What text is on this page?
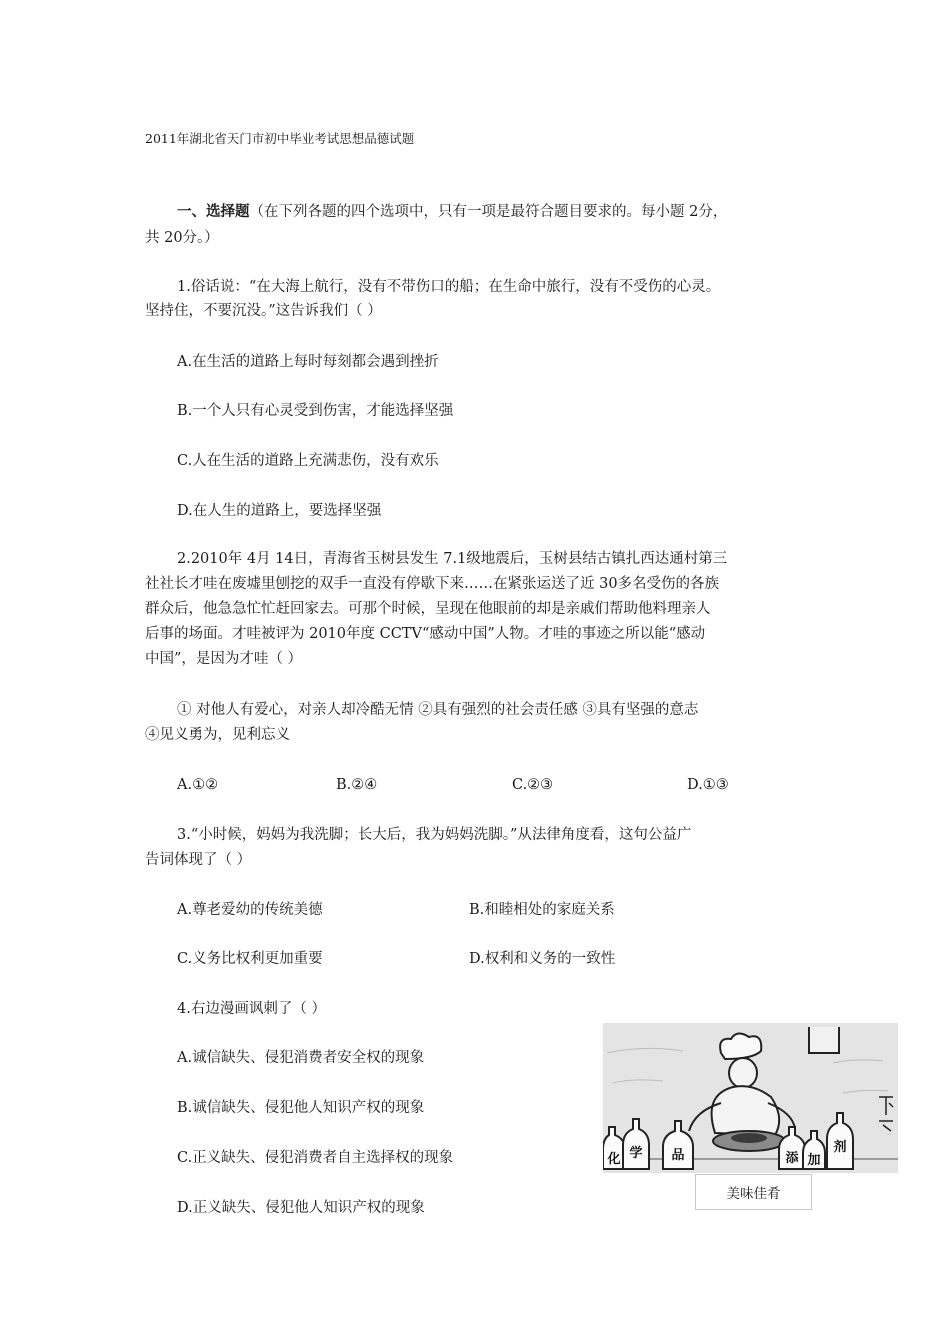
2011年湖北省天门市初中毕业考试思想品德试题
一、选择题（在下列各题的四个选项中，只有一项是最符合题目要求的。每小题 2分，
共 20分。）
1.俗话说：“在大海上航行，没有不带伤口的船；在生命中旅行，没有不受伤的心灵。
坚持住，不要沉没。”这告诉我们（ ）
A.在生活的道路上每时每刻都会遇到挫折
B.一个人只有心灵受到伤害，才能选择坚强
C.人在生活的道路上充满悲伤，没有欢乐
D.在人生的道路上，要选择坚强
2.2010年 4月 14日，青海省玉树县发生 7.1级地震后，玉树县结古镇扎西达通村第三
社社长才哇在废墟里刨挖的双手一直没有停歇下来……在紧张运送了近 30多名受伤的各族
群众后，他急急忙忙赶回家去。可那个时候，呈现在他眼前的却是亲戚们帮助他料理亲人
后事的场面。才哇被评为 2010年度 CCTV“感动中国”人物。才哇的事迹之所以能“感动
中国”，是因为才哇（ ）
① 对他人有爱心，对亲人却冷酷无情 ②具有强烈的社会责任感 ③具有坚强的意志
④见义勇为，见利忘义
A.①②	B.②④	C.②③	D.①③
3.“小时候，妈妈为我洗脚；长大后，我为妈妈洗脚。”从法律角度看，这句公益广
告词体现了（ ）
A.尊老爱幼的传统美德	B.和睦相处的家庭关系
C.义务比权利更加重要	D.权利和义务的一致性
4.右边漫画讽刺了（ ）
A.诚信缺失、侵犯消费者安全权的现象
B.诚信缺失、侵犯他人知识产权的现象
C.正义缺失、侵犯消费者自主选择权的现象
D.正义缺失、侵犯他人知识产权的现象
化 学 品	添 加
剂
美味佳肴
